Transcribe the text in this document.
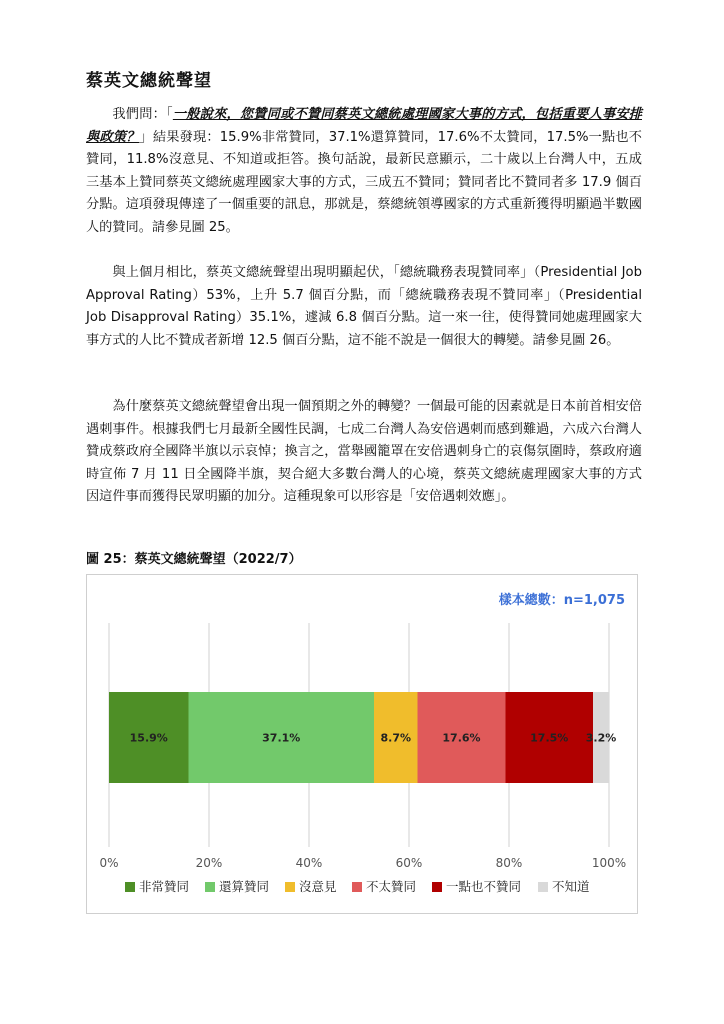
蔡英文總統聲望

我們問：「一般說來，您贊同或不贊同蔡英文總統處理國家大事的方式，包括重要人事安排與政策？」結果發現：15.9%非常贊同，37.1%還算贊同，17.6%不太贊同，17.5%一點也不贊同，11.8%沒意見、不知道或拒答。換句話說，最新民意顯示，二十歲以上台灣人中，五成三基本上贊同蔡英文總統處理國家大事的方式，三成五不贊同；贊同者比不贊同者多 17.9 個百分點。這項發現傳達了一個重要的訊息，那就是，蔡總統領導國家的方式重新獲得明顯過半數國人的贊同。請參見圖 25。

與上個月相比，蔡英文總統聲望出現明顯起伏，「總統職務表現贊同率」（Presidential Job Approval Rating）53%，上升 5.7 個百分點，而「總統職務表現不贊同率」（Presidential Job Disapproval Rating）35.1%，遽減 6.8 個百分點。這一來一往，使得贊同她處理國家大事方式的人比不贊成者新增 12.5 個百分點，這不能不說是一個很大的轉變。請參見圖 26。

為什麼蔡英文總統聲望會出現一個預期之外的轉變？一個最可能的因素就是日本前首相安倍遇刺事件。根據我們七月最新全國性民調，七成二台灣人為安倍遇刺而感到難過，六成六台灣人贊成蔡政府全國降半旗以示哀悼；換言之，當舉國籠罩在安倍遇刺身亡的哀傷氛圍時，蔡政府適時宣佈 7 月 11 日全國降半旗，契合絕大多數台灣人的心境，蔡英文總統處理國家大事的方式因這件事而獲得民眾明顯的加分。這種現象可以形容是「安倍遇刺效應」。

圖 25：蔡英文總統聲望（2022/7）
樣本總數：n=1,075
0%	20%	40%	60%	80%	100%
15.9%	37.1%	8.7%	17.6%	17.5% 3.2%
非常贊同 還算贊同 沒意見 不太贊同 一點也不贊同 不知道
